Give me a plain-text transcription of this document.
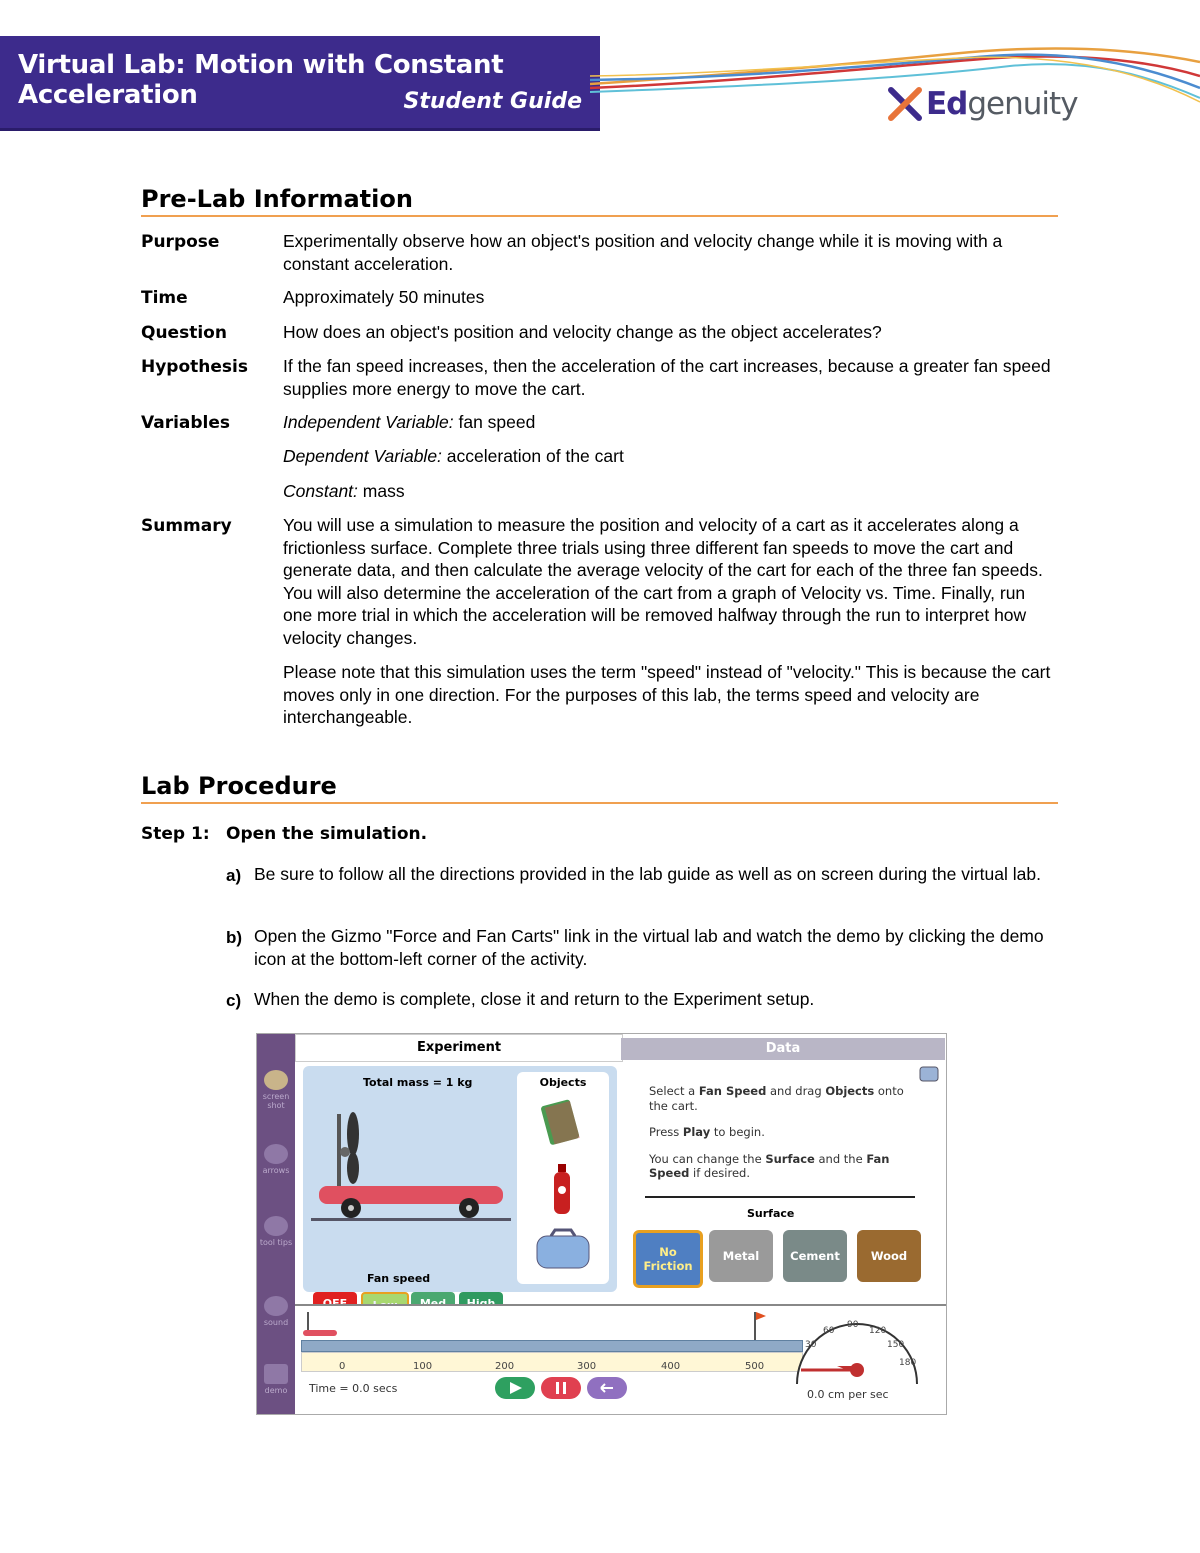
Virtual Lab: Motion with Constant Acceleration	Student Guide	Edgenuity
Pre-Lab Information
Purpose	Experimentally observe how an object's position and velocity change while it is moving with a constant acceleration.
Time	Approximately 50 minutes
Question	How does an object's position and velocity change as the object accelerates?
Hypothesis If the fan speed increases, then the acceleration of the cart increases, because a greater fan speed supplies more energy to move the cart.
Variables	Independent Variable: fan speed
Dependent Variable: acceleration of the cart
Constant: mass
Summary	You will use a simulation to measure the position and velocity of a cart as it accelerates along a frictionless surface. Complete three trials using three different fan speeds to move the cart and generate data, and then calculate the average velocity of the cart for each of the three fan speeds. You will also determine the acceleration of the cart from a graph of Velocity vs. Time. Finally, run one more trial in which the acceleration will be removed halfway through the run to interpret how velocity changes.
Please note that this simulation uses the term "speed" instead of "velocity." This is because the cart moves only in one direction. For the purposes of this lab, the terms speed and velocity are interchangeable.
Lab Procedure
Step 1: Open the simulation.
a) Be sure to follow all the directions provided in the lab guide as well as on screen during the virtual lab.
b) Open the Gizmo "Force and Fan Carts" link in the virtual lab and watch the demo by clicking the demo icon at the bottom-left corner of the activity.
c) When the demo is complete, close it and return to the Experiment setup.
screen shot
arrows
tool tips
sound
demo
Experiment	Data
Total mass = 1 kg
Fan speed
Objects

Select a Fan Speed and drag Objects onto the cart.

Press Play to begin.

You can change the Surface and the Fan Speed if desired.

Surface
No Friction
Metal	Cement	Wood
0	100	200	300	400	500
Time = 0.0 secs
30
60
90
120
150
180
0.0 cm per sec
